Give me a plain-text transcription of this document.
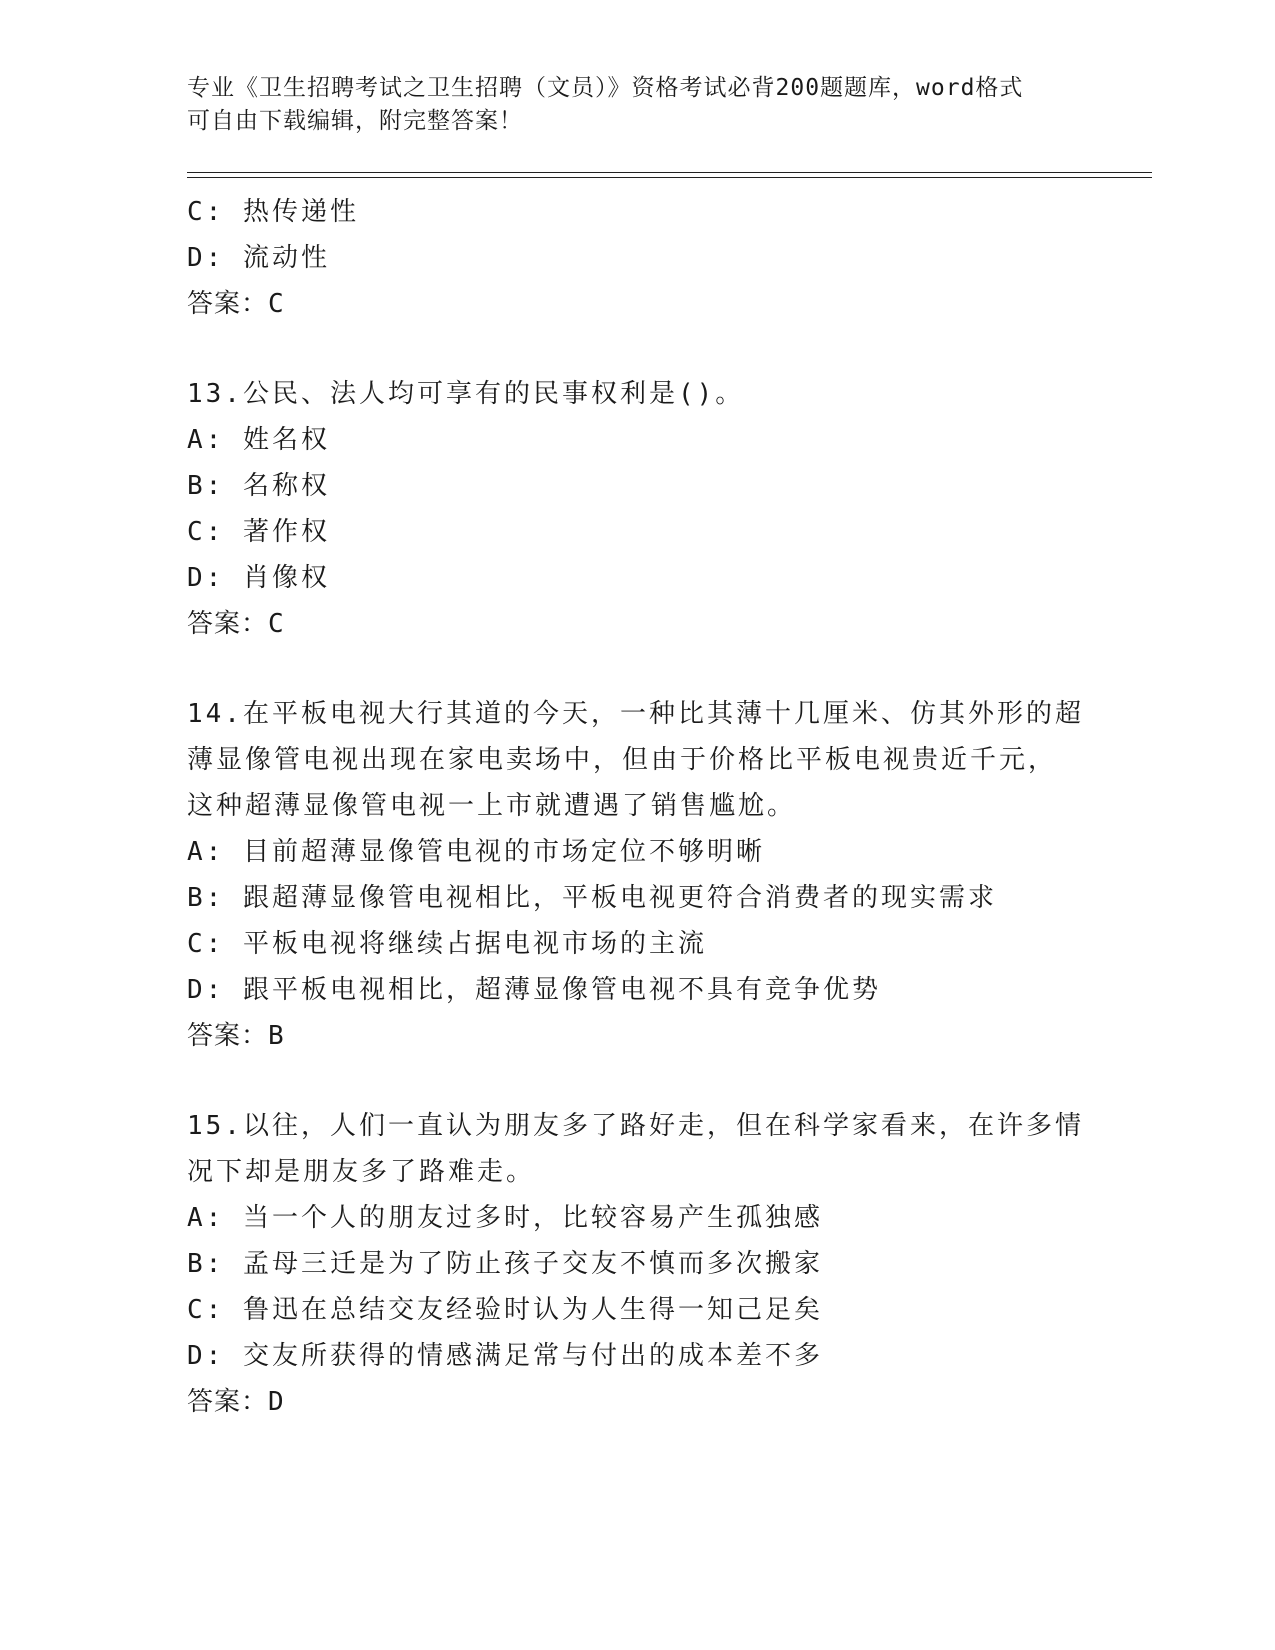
专业《卫生招聘考试之卫生招聘（文员）》资格考试必背200题题库，word格式
可自由下载编辑，附完整答案！
C: 热传递性
D: 流动性
答案：C
13.公民、法人均可享有的民事权利是()。
A: 姓名权
B: 名称权
C: 著作权
D: 肖像权
答案：C
14.在平板电视大行其道的今天，一种比其薄十几厘米、仿其外形的超
薄显像管电视出现在家电卖场中，但由于价格比平板电视贵近千元，
这种超薄显像管电视一上市就遭遇了销售尴尬。
A: 目前超薄显像管电视的市场定位不够明晰
B: 跟超薄显像管电视相比，平板电视更符合消费者的现实需求
C: 平板电视将继续占据电视市场的主流
D: 跟平板电视相比，超薄显像管电视不具有竞争优势
答案：B
15.以往，人们一直认为朋友多了路好走，但在科学家看来，在许多情
况下却是朋友多了路难走。
A: 当一个人的朋友过多时，比较容易产生孤独感
B: 孟母三迁是为了防止孩子交友不慎而多次搬家
C: 鲁迅在总结交友经验时认为人生得一知己足矣
D: 交友所获得的情感满足常与付出的成本差不多
答案：D
